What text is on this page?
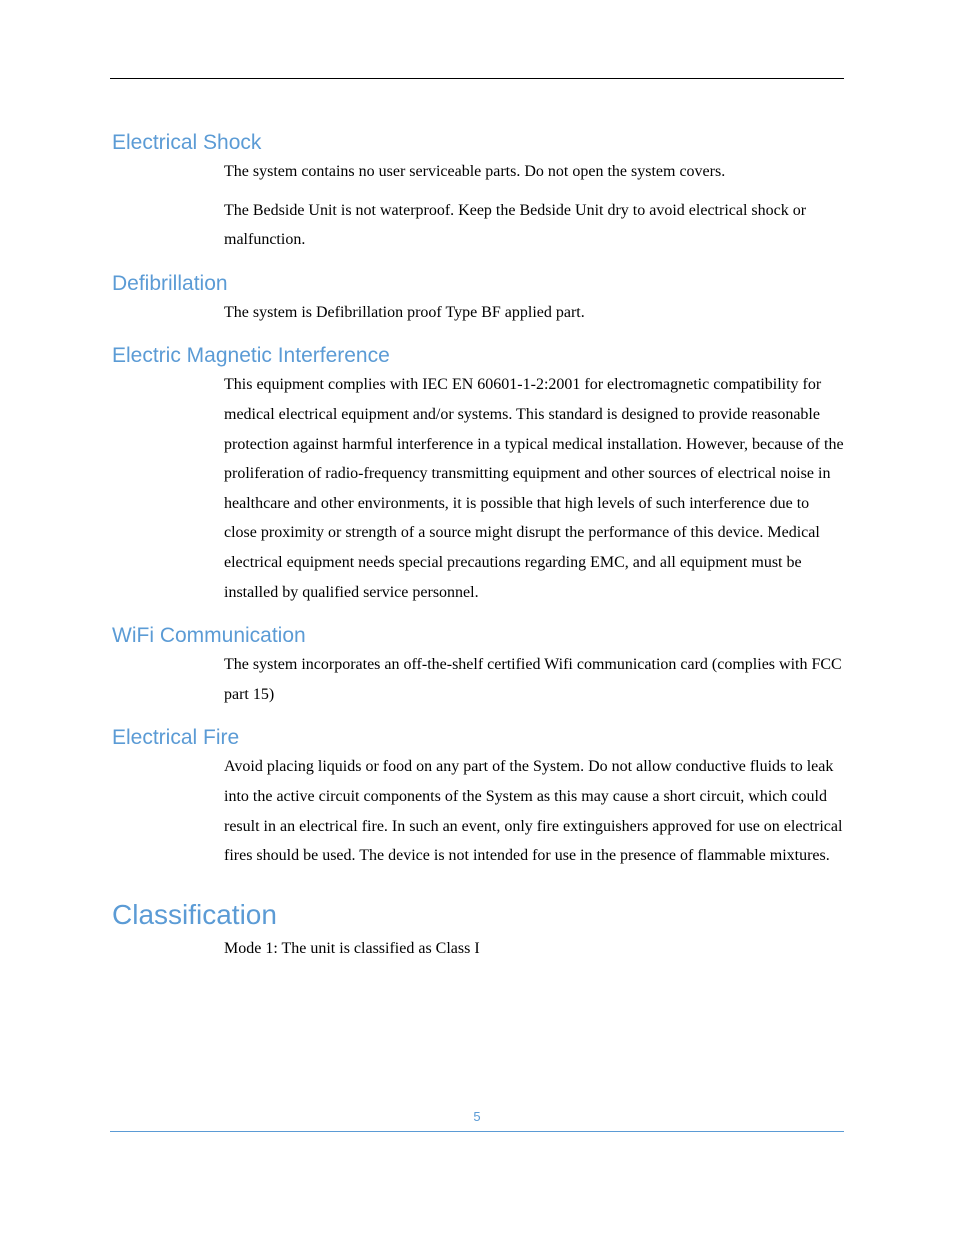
Electrical Shock

The system contains no user serviceable parts. Do not open the system covers.

The Bedside Unit is not waterproof. Keep the Bedside Unit dry to avoid electrical shock or malfunction.

Defibrillation

The system is Defibrillation proof Type BF applied part.

Electric Magnetic Interference

This equipment complies with IEC EN 60601-1-2:2001 for electromagnetic compatibility for medical electrical equipment and/or systems. This standard is designed to provide reasonable protection against harmful interference in a typical medical installation. However, because of the proliferation of radio-frequency transmitting equipment and other sources of electrical noise in healthcare and other environments, it is possible that high levels of such interference due to close proximity or strength of a source might disrupt the performance of this device. Medical electrical equipment needs special precautions regarding EMC, and all equipment must be installed by qualified service personnel.

WiFi Communication

The system incorporates an off-the-shelf certified Wifi communication card (complies with FCC part 15)

Electrical Fire

Avoid placing liquids or food on any part of the System. Do not allow conductive fluids to leak into the active circuit components of the System as this may cause a short circuit, which could result in an electrical fire. In such an event, only fire extinguishers approved for use on electrical fires should be used. The device is not intended for use in the presence of flammable mixtures.

Classification

Mode 1: The unit is classified as Class I

5
